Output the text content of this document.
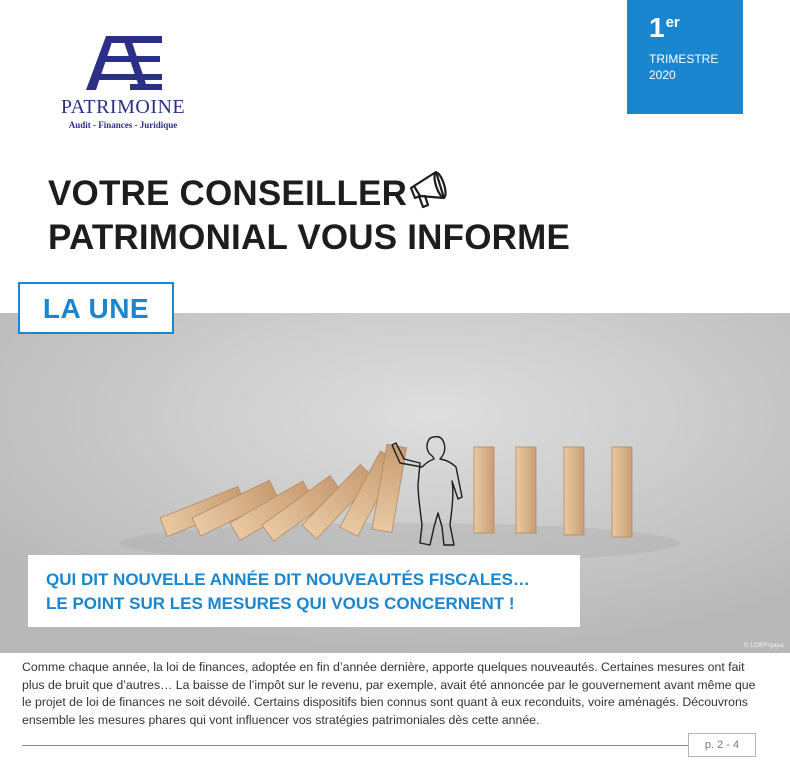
PATRIMOINE
Audit - Finances - Juridique
1er
TRIMESTRE
2020
VOTRE CONSEILLER
PATRIMONIAL VOUS INFORME
© 123RF/gajus
LA UNE
QUI DIT NOUVELLE ANNÉE DIT NOUVEAUTÉS FISCALES…
LE POINT SUR LES MESURES QUI VOUS CONCERNENT !
Comme chaque année, la loi de finances, adoptée en fin d’année dernière, apporte quelques nouveautés. Certaines mesures ont fait plus de bruit que d’autres… La baisse de l’impôt sur le revenu, par exemple, avait été annoncée par le gouvernement avant même que le projet de loi de finances ne soit dévoilé. Certains dispositifs bien connus sont quant à eux reconduits, voire aménagés. Découvrons ensemble les mesures phares qui vont influencer vos stratégies patrimoniales dès cette année.
p. 2 - 4
